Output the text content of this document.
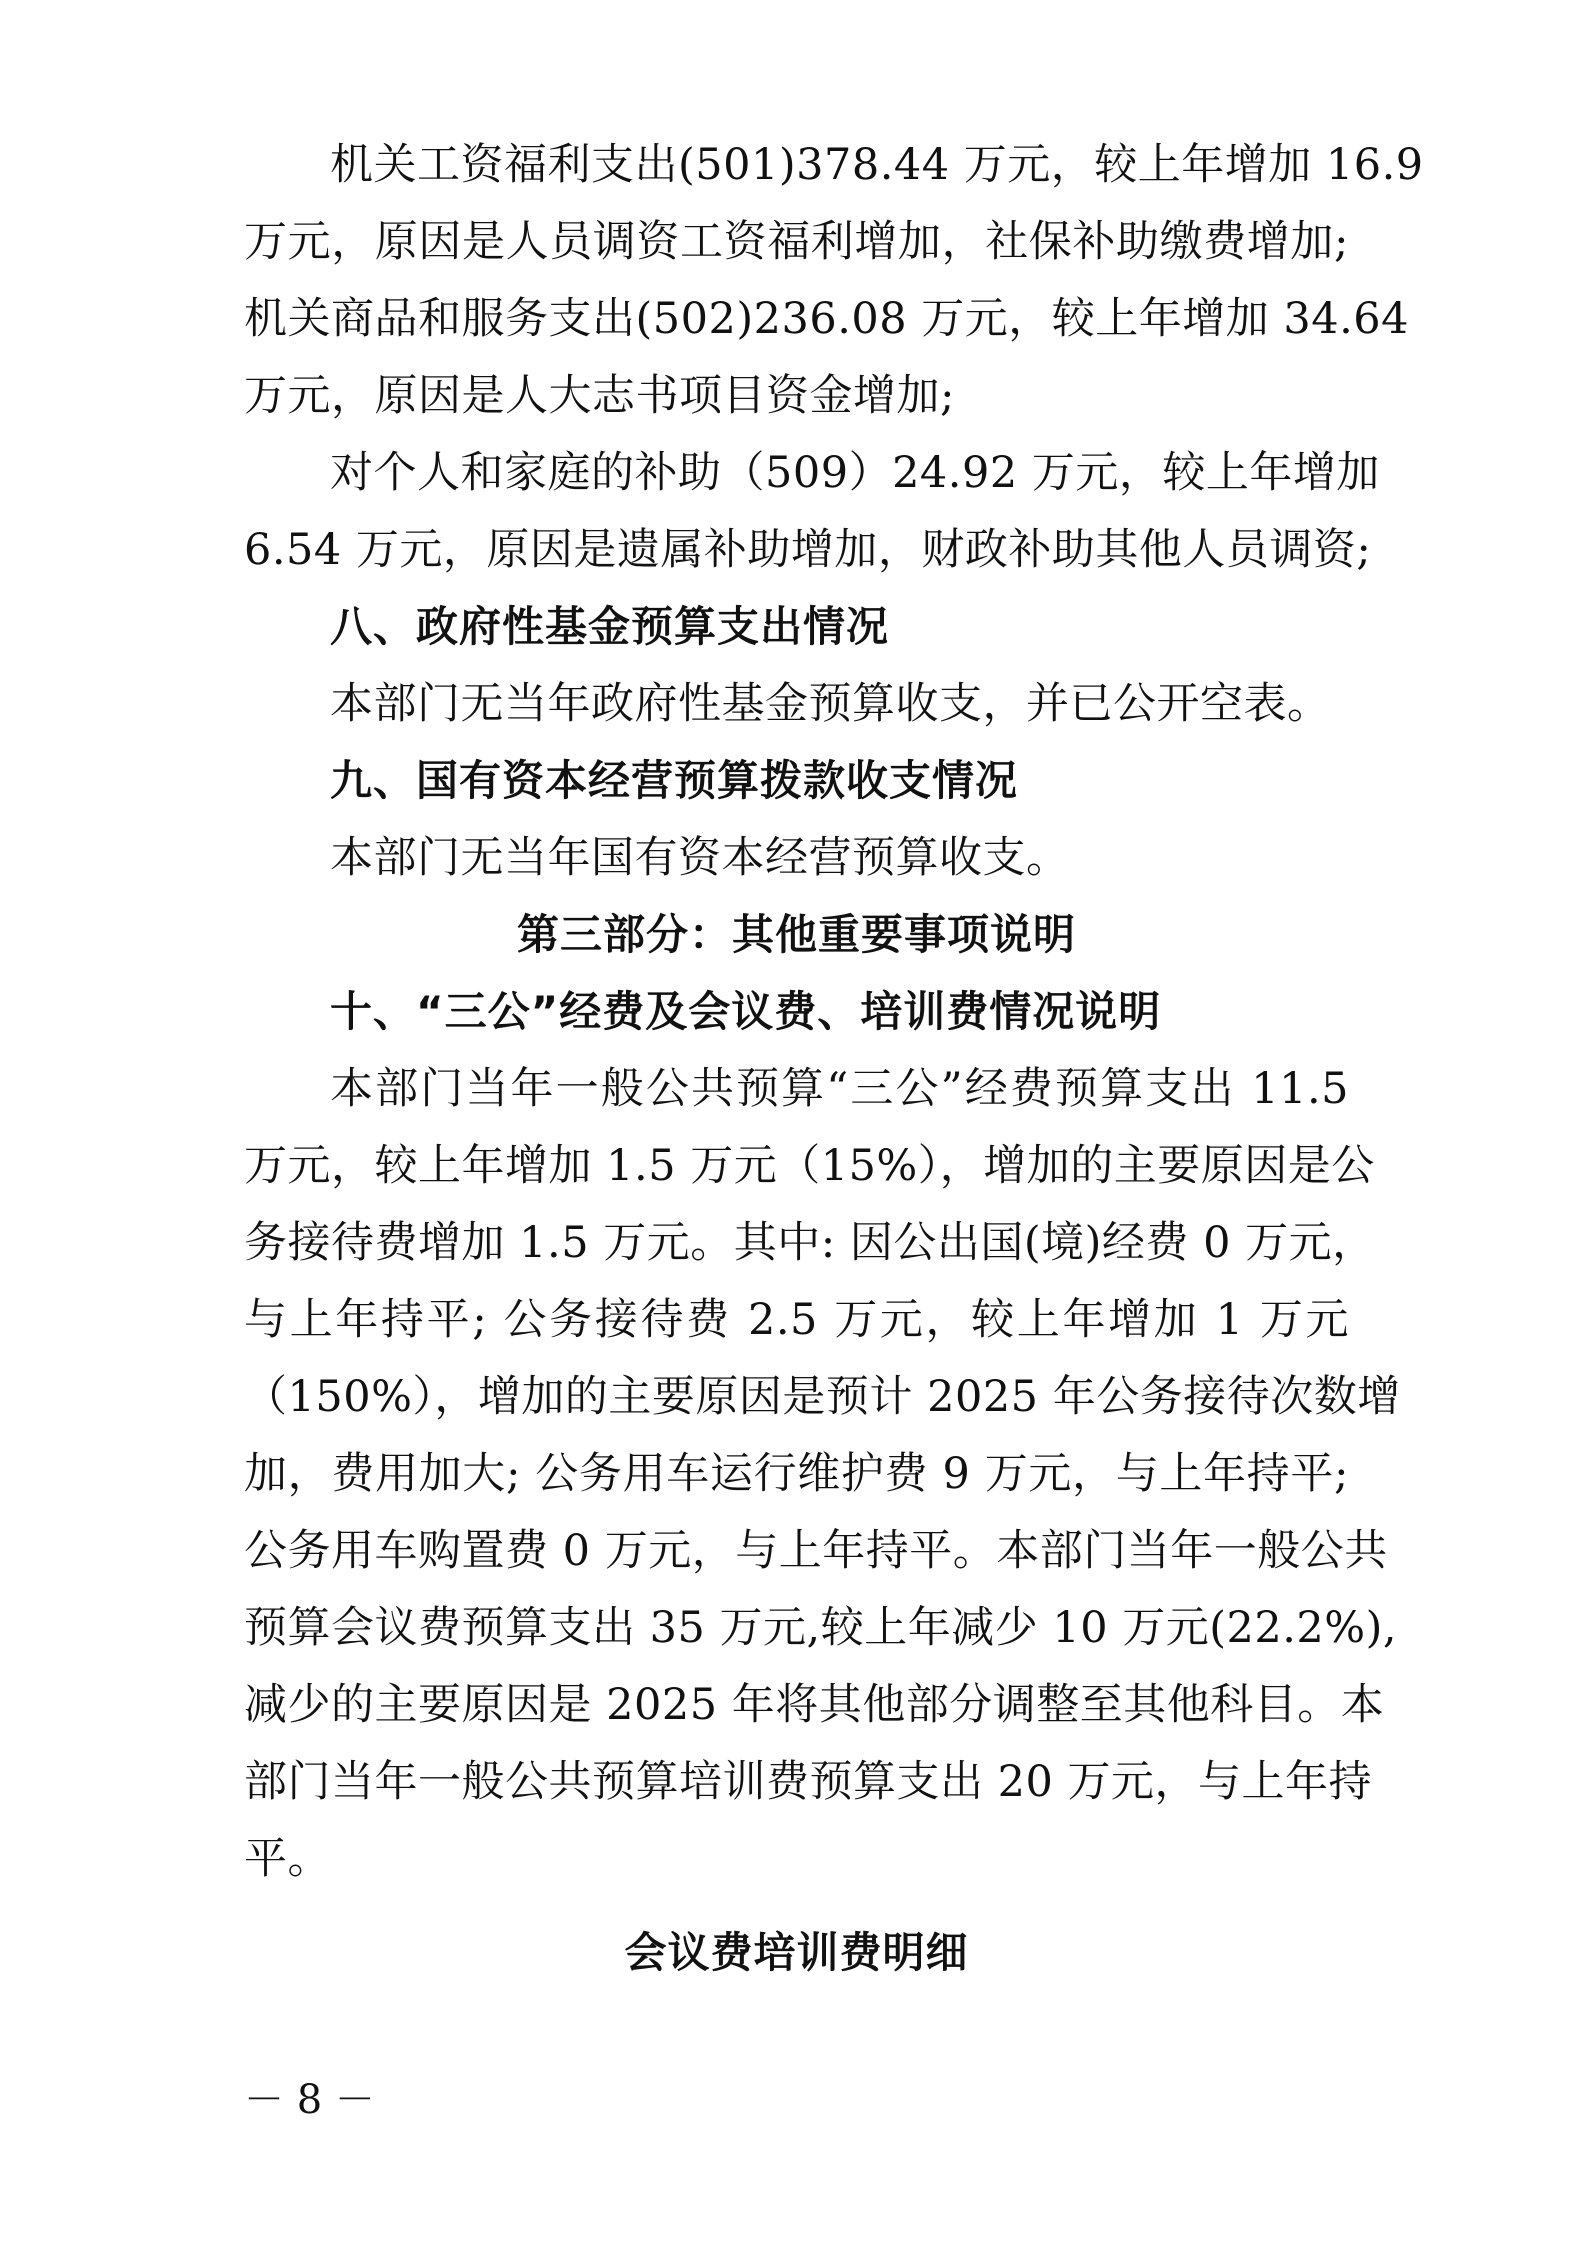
机关工资福利支出(501)378.44 万元，较上年增加 16.9
万元，原因是人员调资工资福利增加，社保补助缴费增加;
机关商品和服务支出(502)236.08 万元，较上年增加 34.64
万元，原因是人大志书项目资金增加;
对个人和家庭的补助（509）24.92 万元，较上年增加
6.54 万元，原因是遗属补助增加，财政补助其他人员调资;
八、政府性基金预算支出情况
本部门无当年政府性基金预算收支，并已公开空表。
九、国有资本经营预算拨款收支情况
本部门无当年国有资本经营预算收支。
第三部分：其他重要事项说明
十、“三公”经费及会议费、培训费情况说明
本部门当年一般公共预算“三公”经费预算支出 11.5
万元，较上年增加 1.5 万元（15%），增加的主要原因是公
务接待费增加 1.5 万元。其中: 因公出国(境)经费 0 万元，
与上年持平; 公务接待费 2.5 万元，较上年增加 1 万元
（150%），增加的主要原因是预计 2025 年公务接待次数增
加，费用加大; 公务用车运行维护费 9 万元，与上年持平;
公务用车购置费 0 万元，与上年持平。本部门当年一般公共
预算会议费预算支出 35 万元,较上年减少 10 万元(22.2%),
减少的主要原因是 2025 年将其他部分调整至其他科目。本
部门当年一般公共预算培训费预算支出 20 万元，与上年持
平。
会议费培训费明细
－ 8 －
